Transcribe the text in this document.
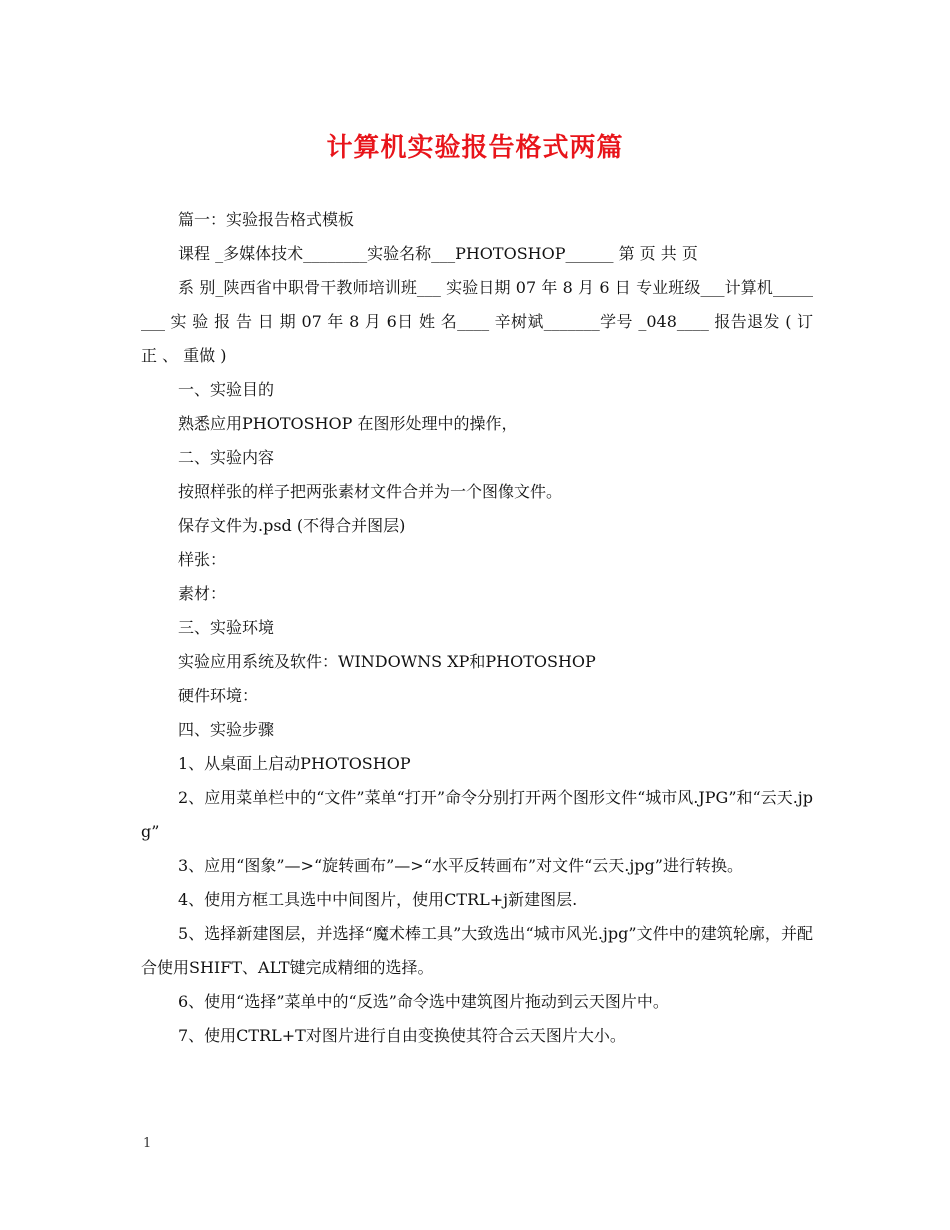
计算机实验报告格式两篇

篇一：实验报告格式模板

课程 _多媒体技术________实验名称___PHOTOSHOP______ 第 页 共 页

系 别_陕西省中职骨干教师培训班___ 实验日期 07 年 8 月 6 日 专业班级___计算机________ 实 验 报 告 日 期 07 年 8 月 6日 姓 名____ 辛树斌_______学号 _048____ 报告退发 ( 订正 、 重做 )

一、实验目的

熟悉应用PHOTOSHOP 在图形处理中的操作，

二、实验内容

按照样张的样子把两张素材文件合并为一个图像文件。

保存文件为.psd (不得合并图层)

样张：

素材：

三、实验环境

实验应用系统及软件：WINDOWNS XP和PHOTOSHOP

硬件环境：

四、实验步骤

1、从桌面上启动PHOTOSHOP

2、应用菜单栏中的“文件”菜单“打开”命令分别打开两个图形文件“城市风.JPG”和“云天.jpg”

3、应用“图象”—>“旋转画布”—>“水平反转画布”对文件“云天.jpg”进行转换。

4、使用方框工具选中中间图片，使用CTRL+j新建图层.

5、选择新建图层，并选择“魔术棒工具”大致选出“城市风光.jpg”文件中的建筑轮廓，并配合使用SHIFT、ALT键完成精细的选择。

6、使用“选择”菜单中的“反选”命令选中建筑图片拖动到云天图片中。

7、使用CTRL+T对图片进行自由变换使其符合云天图片大小。

1
